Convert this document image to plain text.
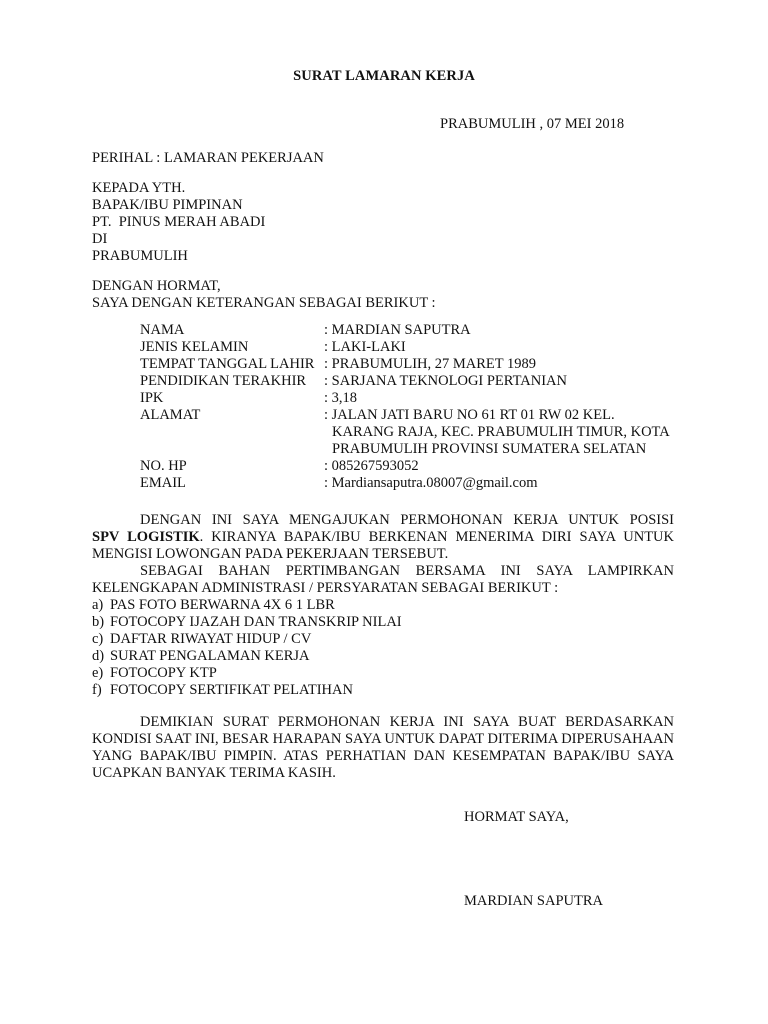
SURAT LAMARAN KERJA
PRABUMULIH , 07 MEI 2018
PERIHAL : LAMARAN PEKERJAAN
KEPADA YTH.
BAPAK/IBU PIMPINAN
PT.  PINUS MERAH ABADI
DI
PRABUMULIH
DENGAN HORMAT,
SAYA DENGAN KETERANGAN SEBAGAI BERIKUT :
NAMA	: MARDIAN SAPUTRA
JENIS KELAMIN	: LAKI-LAKI
TEMPAT TANGGAL LAHIR : PRABUMULIH, 27 MARET 1989
PENDIDIKAN TERAKHIR	: SARJANA TEKNOLOGI PERTANIAN
IPK	: 3,18
ALAMAT	: JALAN JATI BARU NO 61 RT 01 RW 02 KEL.
KARANG RAJA, KEC. PRABUMULIH TIMUR, KOTA
PRABUMULIH PROVINSI SUMATERA SELATAN
NO. HP	: 085267593052
EMAIL	: Mardiansaputra.08007@gmail.com
DENGAN INI SAYA MENGAJUKAN PERMOHONAN KERJA UNTUK POSISI
SPV LOGISTIK. KIRANYA BAPAK/IBU BERKENAN MENERIMA DIRI SAYA UNTUK
MENGISI LOWONGAN PADA PEKERJAAN TERSEBUT.
SEBAGAI BAHAN PERTIMBANGAN BERSAMA INI SAYA LAMPIRKAN
KELENGKAPAN ADMINISTRASI / PERSYARATAN SEBAGAI BERIKUT :
a) PAS FOTO BERWARNA 4X 6 1 LBR
b) FOTOCOPY IJAZAH DAN TRANSKRIP NILAI
c) DAFTAR RIWAYAT HIDUP / CV
d) SURAT PENGALAMAN KERJA
e) FOTOCOPY KTP
f) FOTOCOPY SERTIFIKAT PELATIHAN
DEMIKIAN SURAT PERMOHONAN KERJA INI SAYA BUAT BERDASARKAN
KONDISI SAAT INI, BESAR HARAPAN SAYA UNTUK DAPAT DITERIMA DIPERUSAHAAN
YANG BAPAK/IBU PIMPIN. ATAS PERHATIAN DAN KESEMPATAN BAPAK/IBU SAYA
UCAPKAN BANYAK TERIMA KASIH.
HORMAT SAYA,
MARDIAN SAPUTRA
